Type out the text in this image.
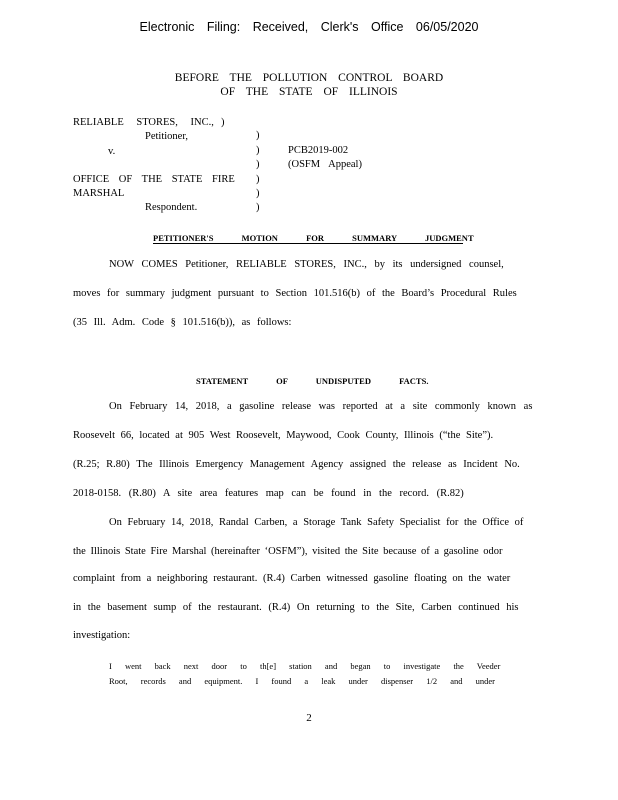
Electronic Filing: Received, Clerk's Office 06/05/2020
BEFORE THE POLLUTION CONTROL BOARD
OF THE STATE OF ILLINOIS
RELIABLE STORES, INC., )
Petitioner,
v.
OFFICE OF THE STATE FIRE
MARSHAL
Respondent.
)
)
)
)
)
)
PCB2019-002
(OSFM Appeal)
PETITIONER'S MOTION FOR SUMMARY JUDGMENT
NOW COMES Petitioner, RELIABLE STORES, INC., by its undersigned counsel,
moves for summary judgment pursuant to Section 101.516(b) of the Board’s Procedural Rules
(35 Ill. Adm. Code § 101.516(b)), as follows:
STATEMENT OF UNDISPUTED FACTS.
On February 14, 2018, a gasoline release was reported at a site commonly known as
Roosevelt 66, located at 905 West Roosevelt, Maywood, Cook County, Illinois (“the Site”).
(R.25; R.80) The Illinois Emergency Management Agency assigned the release as Incident No.
2018-0158. (R.80) A site area features map can be found in the record. (R.82)
On February 14, 2018, Randal Carben, a Storage Tank Safety Specialist for the Office of
the Illinois State Fire Marshal (hereinafter ‘OSFM”), visited the Site because of a gasoline odor
complaint from a neighboring restaurant. (R.4) Carben witnessed gasoline floating on the water
in the basement sump of the restaurant. (R.4) On returning to the Site, Carben continued his
investigation:
I went back next door to th[e] station and began to investigate the Veeder
Root, records and equipment. I found a leak under dispenser 1/2 and under
2
